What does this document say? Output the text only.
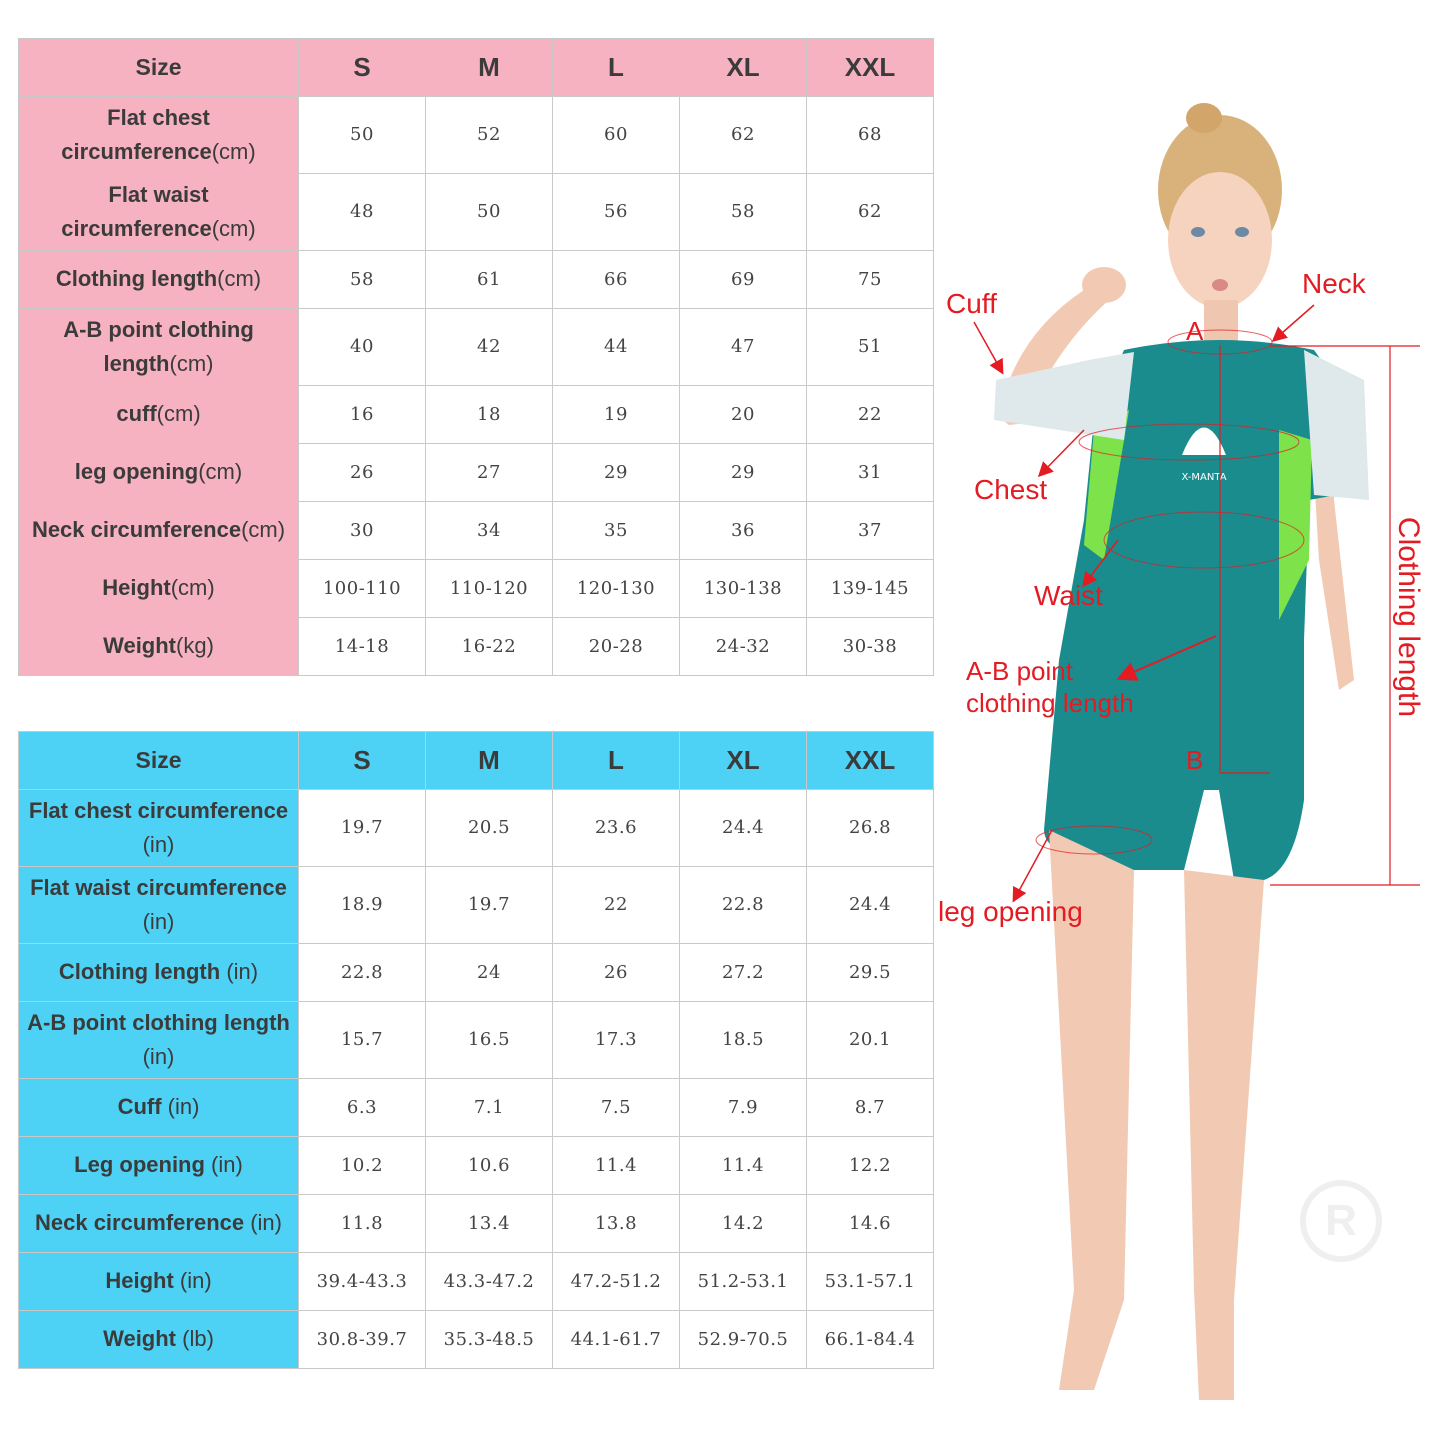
Size	S	M	L	XL	XXL
Flat chest circumference(cm)	50	52	60	62	68
Flat waist circumference(cm)	48	50	56	58	62
Clothing length(cm)	58	61	66	69	75
A-B point clothing length(cm)	40	42	44	47	51
cuff(cm)	16	18	19	20	22
leg opening(cm)	26	27	29	29	31
Neck circumference(cm)	30	34	35	36	37
Height(cm)	100-110	110-120	120-130	130-138	139-145
Weight(kg)	14-18	16-22	20-28	24-32	30-38
Size	S	M	L	XL	XXL
Flat chest circumference (in)	19.7	20.5	23.6	24.4	26.8
Flat waist circumference (in)	18.9	19.7	22	22.8	24.4
Clothing length (in)	22.8	24	26	27.2	29.5
A-B point clothing length (in)	15.7	16.5	17.3	18.5	20.1
Cuff (in)	6.3	7.1	7.5	7.9	8.7
Leg opening (in)	10.2	10.6	11.4	11.4	12.2
Neck circumference (in)	11.8	13.4	13.8	14.2	14.6
Height (in)	39.4-43.3	43.3-47.2	47.2-51.2	51.2-53.1	53.1-57.1
Weight (lb)	30.8-39.7	35.3-48.5	44.1-61.7	52.9-70.5	66.1-84.4
R
X-MANTA
Cuff
Neck
Chest
Waist
A-B point
clothing length
leg opening
Clothing length
A
B
